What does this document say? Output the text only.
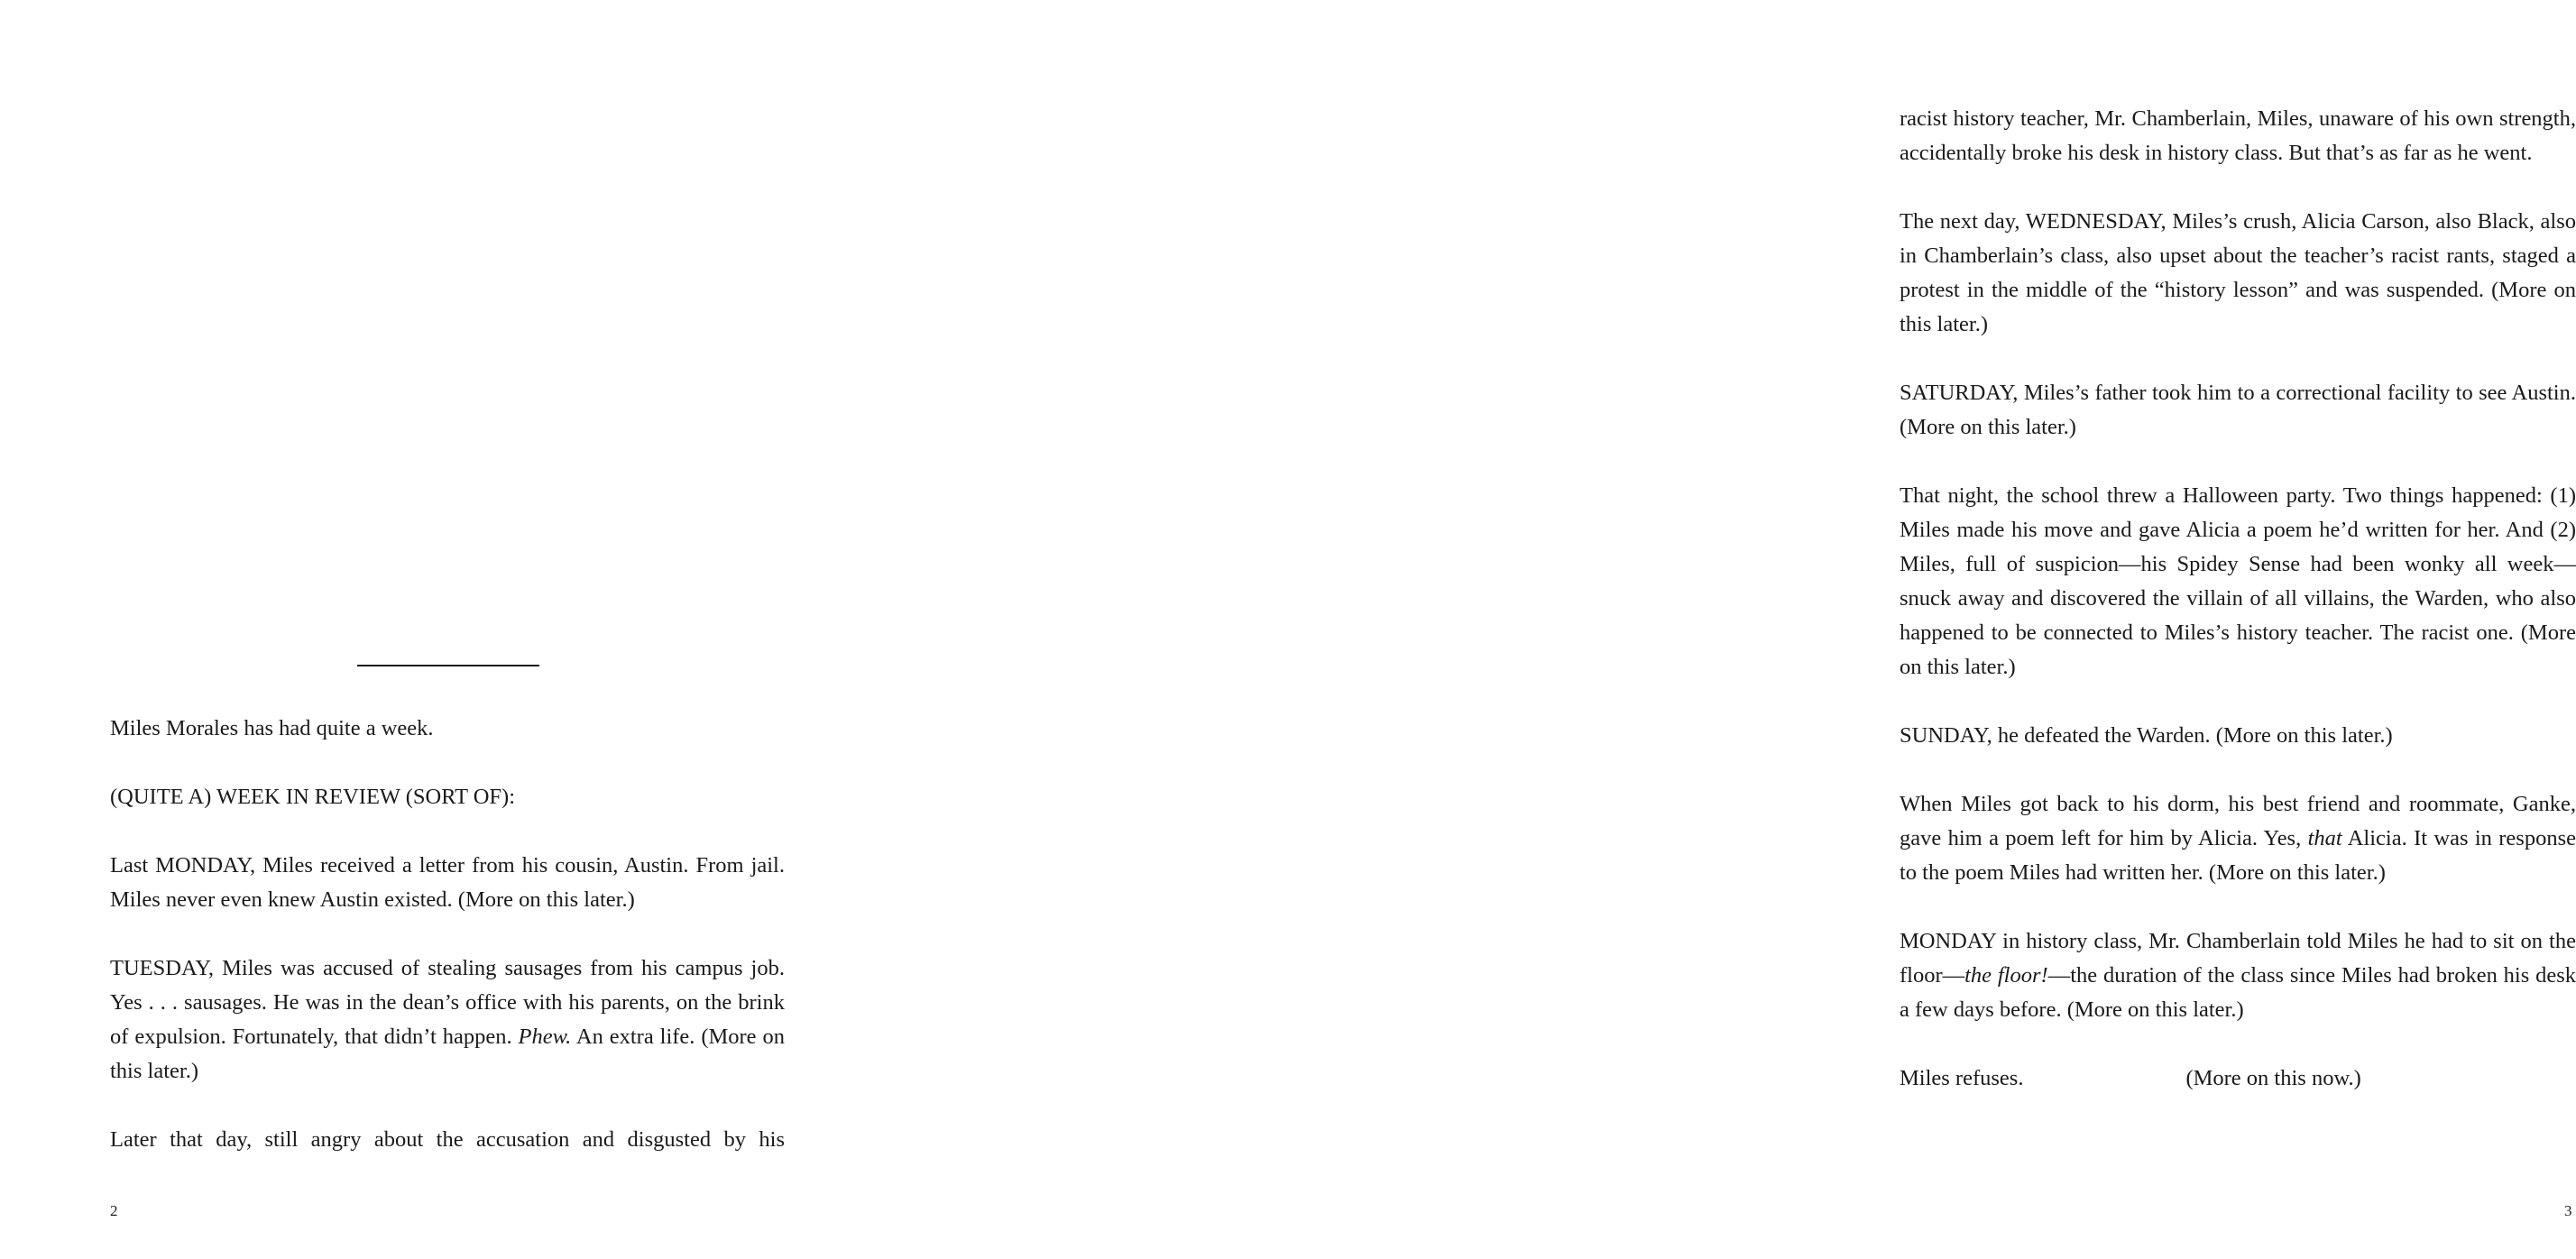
Miles Morales has had quite a week.

(QUITE A) WEEK IN REVIEW (SORT OF):

Last MONDAY, Miles received a letter from his cousin, Austin. From jail. Miles never even knew Austin existed. (More on this later.)

TUESDAY, Miles was accused of stealing sausages from his campus job. Yes . . . sausages. He was in the dean’s office with his parents, on the brink of expulsion. Fortunately, that didn’t happen. Phew. An extra life. (More on this later.)

Later that day, still angry about the accusation and disgusted by his

2

racist history teacher, Mr. Chamberlain, Miles, unaware of his own strength, accidentally broke his desk in history class. But that’s as far as he went.

The next day, WEDNESDAY, Miles’s crush, Alicia Carson, also Black, also in Chamberlain’s class, also upset about the teacher’s racist rants, staged a protest in the middle of the “history lesson” and was suspended. (More on this later.)

SATURDAY, Miles’s father took him to a correctional facility to see Austin. (More on this later.)

That night, the school threw a Halloween party. Two things happened: (1) Miles made his move and gave Alicia a poem he’d written for her. And (2) Miles, full of suspicion—his Spidey Sense had been wonky all week—snuck away and discovered the villain of all villains, the Warden, who also happened to be connected to Miles’s history teacher. The racist one. (More on this later.)

SUNDAY, he defeated the Warden. (More on this later.)

When Miles got back to his dorm, his best friend and roommate, Ganke, gave him a poem left for him by Alicia. Yes, that Alicia. It was in response to the poem Miles had written her. (More on this later.)

MONDAY in history class, Mr. Chamberlain told Miles he had to sit on the floor—the floor!—the duration of the class since Miles had broken his desk a few days before. (More on this later.)

Miles refuses.	(More on this now.)

3
